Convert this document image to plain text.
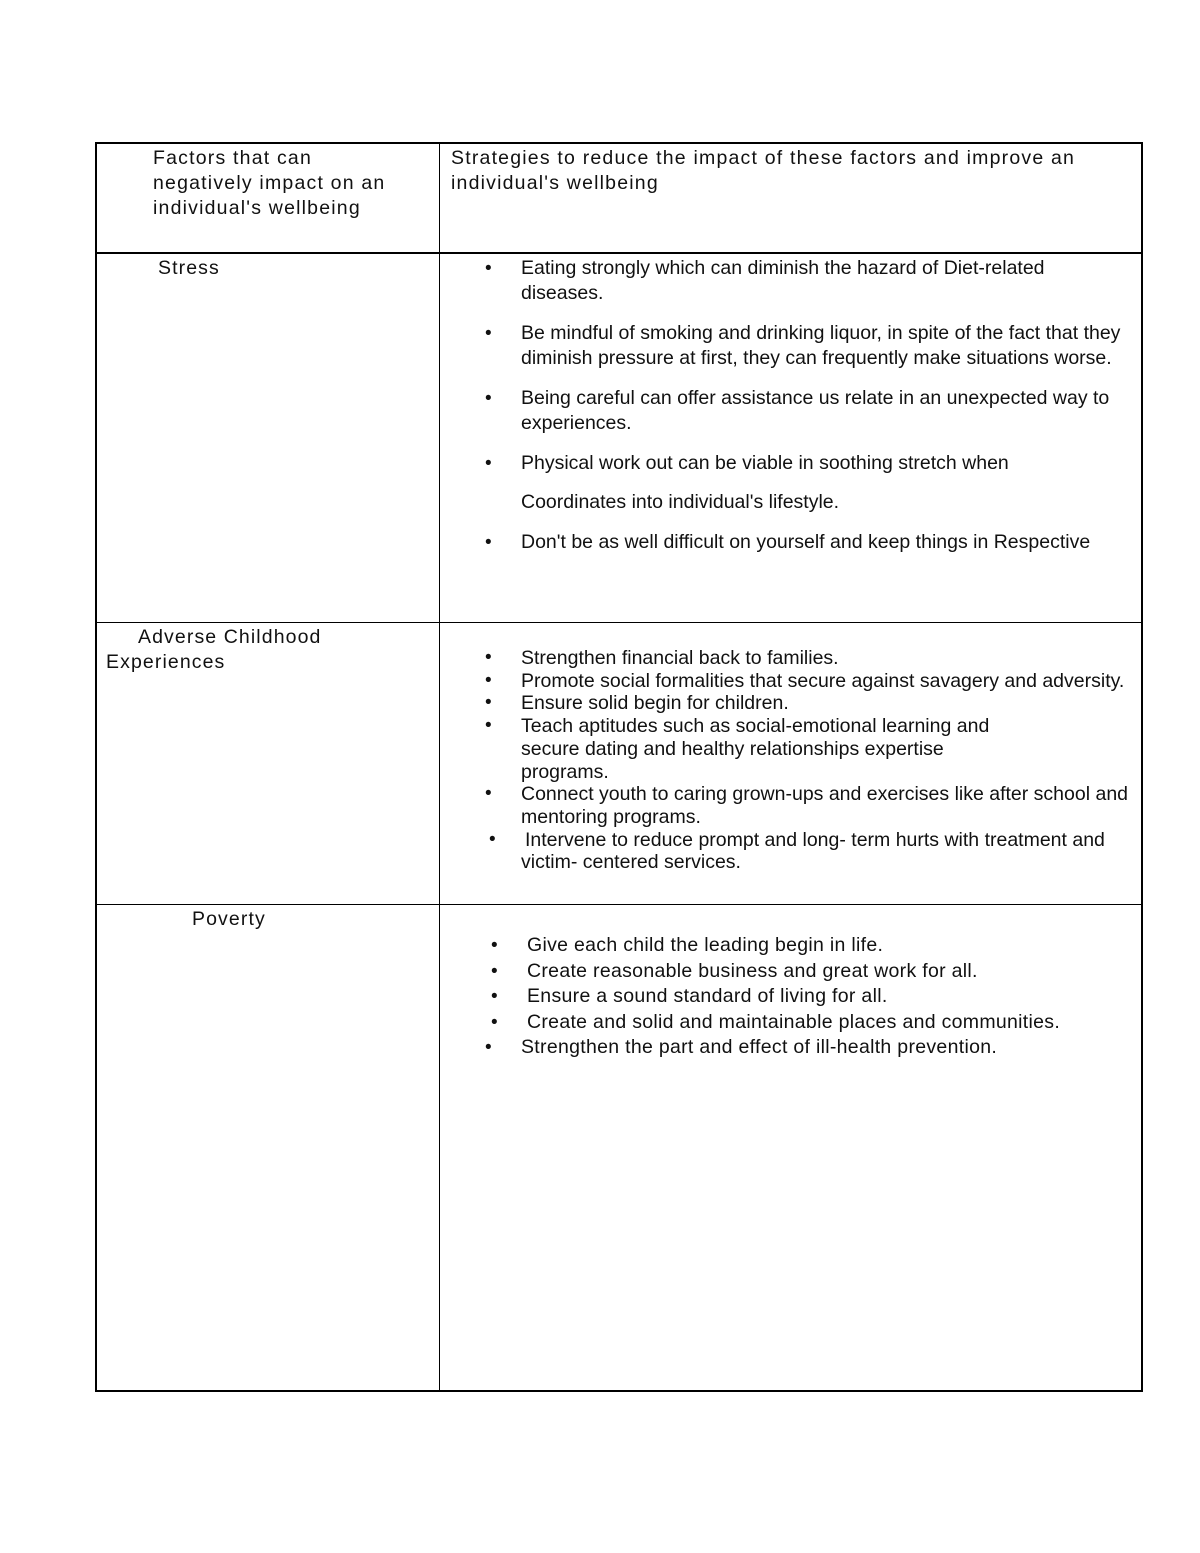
Factors that can negatively impact on an individual's wellbeing
Strategies to reduce the impact of these factors and improve an individual's wellbeing
Stress	• Eating strongly which can diminish the hazard of Diet-related diseases.
• Be mindful of smoking and drinking liquor, in spite of the fact that they diminish pressure at first, they can frequently make situations worse.
• Being careful can offer assistance us relate in an unexpected way to experiences.
• Physical work out can be viable in soothing stretch when
Coordinates into individual's lifestyle.
• Don't be as well difficult on yourself and keep things in Respective
Adverse Childhood Experiences	• Strengthen financial back to families.
• Promote social formalities that secure against savagery and adversity.
• Ensure solid begin for children.
• Teach aptitudes such as social-emotional learning and secure dating and healthy relationships expertise programs.
• Connect youth to caring grown-ups and exercises like after school and mentoring programs.
• Intervene to reduce prompt and long- term hurts with treatment and victim- centered services.
Poverty
• Give each child the leading begin in life.
• Create reasonable business and great work for all.
• Ensure a sound standard of living for all.
• Create and solid and maintainable places and communities.
• Strengthen the part and effect of ill-health prevention.
